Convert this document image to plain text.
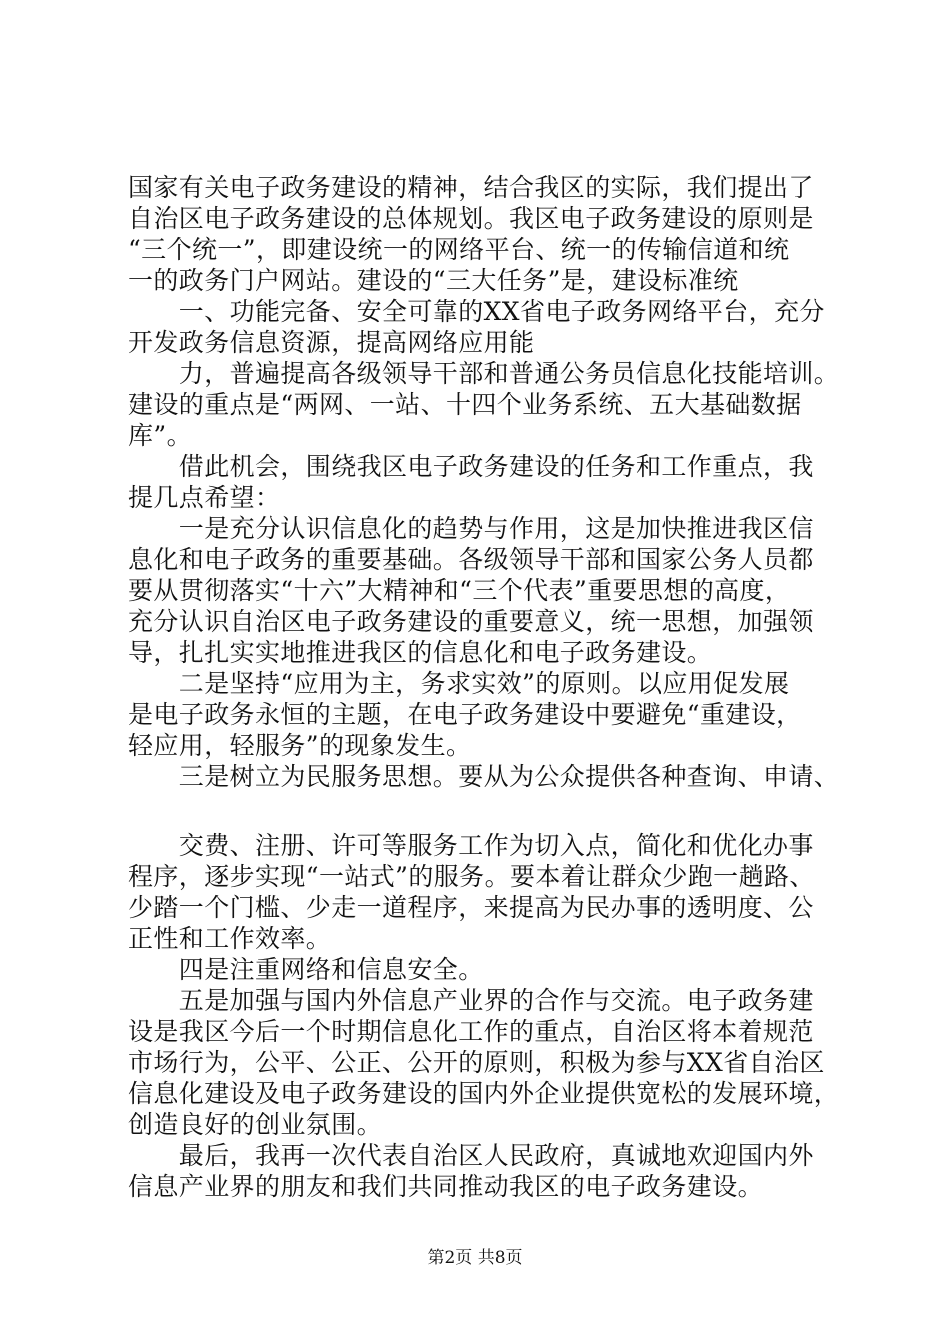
国家有关电子政务建设的精神，结合我区的实际，我们提出了
自治区电子政务建设的总体规划。我区电子政务建设的原则是
“三个统一”，即建设统一的网络平台、统一的传输信道和统
一的政务门户网站。建设的“三大任务”是，建设标准统
　　一、功能完备、安全可靠的XX省电子政务网络平台，充分
开发政务信息资源，提高网络应用能
　　力，普遍提高各级领导干部和普通公务员信息化技能培训。
建设的重点是“两网、一站、十四个业务系统、五大基础数据
库”。
　　借此机会，围绕我区电子政务建设的任务和工作重点，我
提几点希望：
　　一是充分认识信息化的趋势与作用，这是加快推进我区信
息化和电子政务的重要基础。各级领导干部和国家公务人员都
要从贯彻落实“十六”大精神和“三个代表”重要思想的高度，
充分认识自治区电子政务建设的重要意义，统一思想，加强领
导，扎扎实实地推进我区的信息化和电子政务建设。
　　二是坚持“应用为主，务求实效”的原则。以应用促发展
是电子政务永恒的主题，在电子政务建设中要避免“重建设，
轻应用，轻服务”的现象发生。
　　三是树立为民服务思想。要从为公众提供各种查询、申请、
　　交费、注册、许可等服务工作为切入点，简化和优化办事
程序，逐步实现“一站式”的服务。要本着让群众少跑一趟路、
少踏一个门槛、少走一道程序，来提高为民办事的透明度、公
正性和工作效率。
　　四是注重网络和信息安全。
　　五是加强与国内外信息产业界的合作与交流。电子政务建
设是我区今后一个时期信息化工作的重点，自治区将本着规范
市场行为，公平、公正、公开的原则，积极为参与XX省自治区
信息化建设及电子政务建设的国内外企业提供宽松的发展环境，
创造良好的创业氛围。
　　最后，我再一次代表自治区人民政府，真诚地欢迎国内外
信息产业界的朋友和我们共同推动我区的电子政务建设。
第2页 共8页
